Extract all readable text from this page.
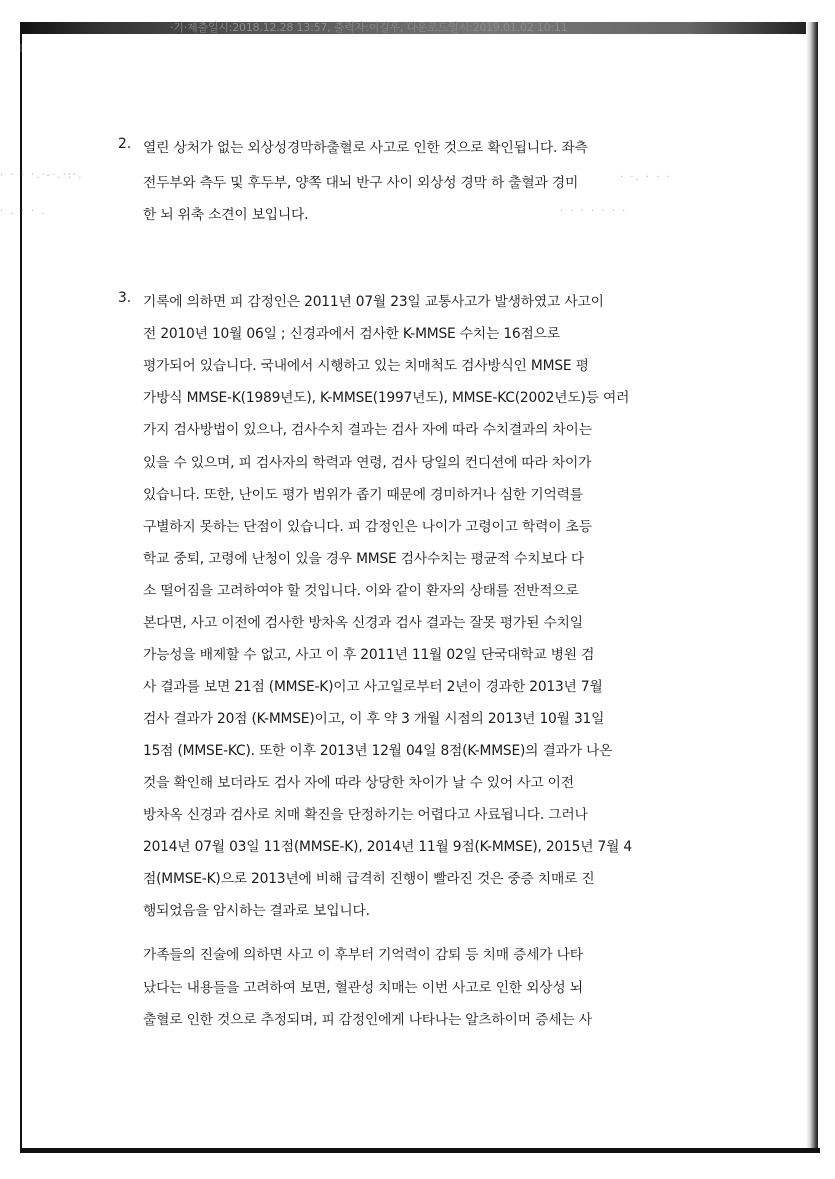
·기·제출일시:2018.12.28 13:57, 출력자:이길우, 다운로드일시:2019.01.02 10:11
· · · ·.·-·.·:·.	· ·. · · ·
· . · · .	· · · · · · ·
2. 열린 상처가 없는 외상성경막하출혈로 사고로 인한 것으로 확인됩니다. 좌측
전두부와 측두 및 후두부, 양쪽 대뇌 반구 사이 외상성 경막 하 출혈과 경미
한 뇌 위축 소견이 보입니다.
3. 기록에 의하면 피 감정인은 2011년 07월 23일 교통사고가 발생하였고 사고이
전 2010년 10월 06일 ; 신경과에서 검사한 K-MMSE 수치는 16점으로
평가되어 있습니다. 국내에서 시행하고 있는 치매척도 검사방식인 MMSE 평
가방식 MMSE-K(1989년도), K-MMSE(1997년도), MMSE-KC(2002년도)등 여러
가지 검사방법이 있으나, 검사수치 결과는 검사 자에 따라 수치결과의 차이는
있을 수 있으며, 피 검사자의 학력과 연령, 검사 당일의 컨디션에 따라 차이가
있습니다. 또한, 난이도 평가 범위가 좁기 때문에 경미하거나 심한 기억력를
구별하지 못하는 단점이 있습니다. 피 감정인은 나이가 고령이고 학력이 초등
학교 중퇴, 고령에 난청이 있을 경우 MMSE 검사수치는 평균적 수치보다 다
소 떨어짐을 고려하여야 할 것입니다. 이와 같이 환자의 상태를 전반적으로
본다면, 사고 이전에 검사한 방차옥 신경과 검사 결과는 잘못 평가된 수치일
가능성을 배제할 수 없고, 사고 이 후 2011년 11월 02일 단국대학교 병원 검
사 결과를 보면 21점 (MMSE-K)이고 사고일로부터 2년이 경과한 2013년 7월
검사 결과가 20점 (K-MMSE)이고, 이 후 약 3 개월 시점의 2013년 10월 31일
15점 (MMSE-KC). 또한 이후 2013년 12월 04일 8점(K-MMSE)의 결과가 나온
것을 확인해 보더라도 검사 자에 따라 상당한 차이가 날 수 있어 사고 이전
방차옥 신경과 검사로 치매 확진을 단정하기는 어렵다고 사료됩니다. 그러나
2014년 07월 03일 11점(MMSE-K), 2014년 11월 9점(K-MMSE), 2015년 7월 4
점(MMSE-K)으로 2013년에 비해 급격히 진행이 빨라진 것은 중증 치매로 진
행되었음을 암시하는 결과로 보입니다.
가족들의 진술에 의하면 사고 이 후부터 기억력이 감퇴 등 치매 증세가 나타
났다는 내용들을 고려하여 보면, 혈관성 치매는 이번 사고로 인한 외상성 뇌
출혈로 인한 것으로 추정되며, 피 감정인에게 나타나는 알츠하이머 증세는 사
